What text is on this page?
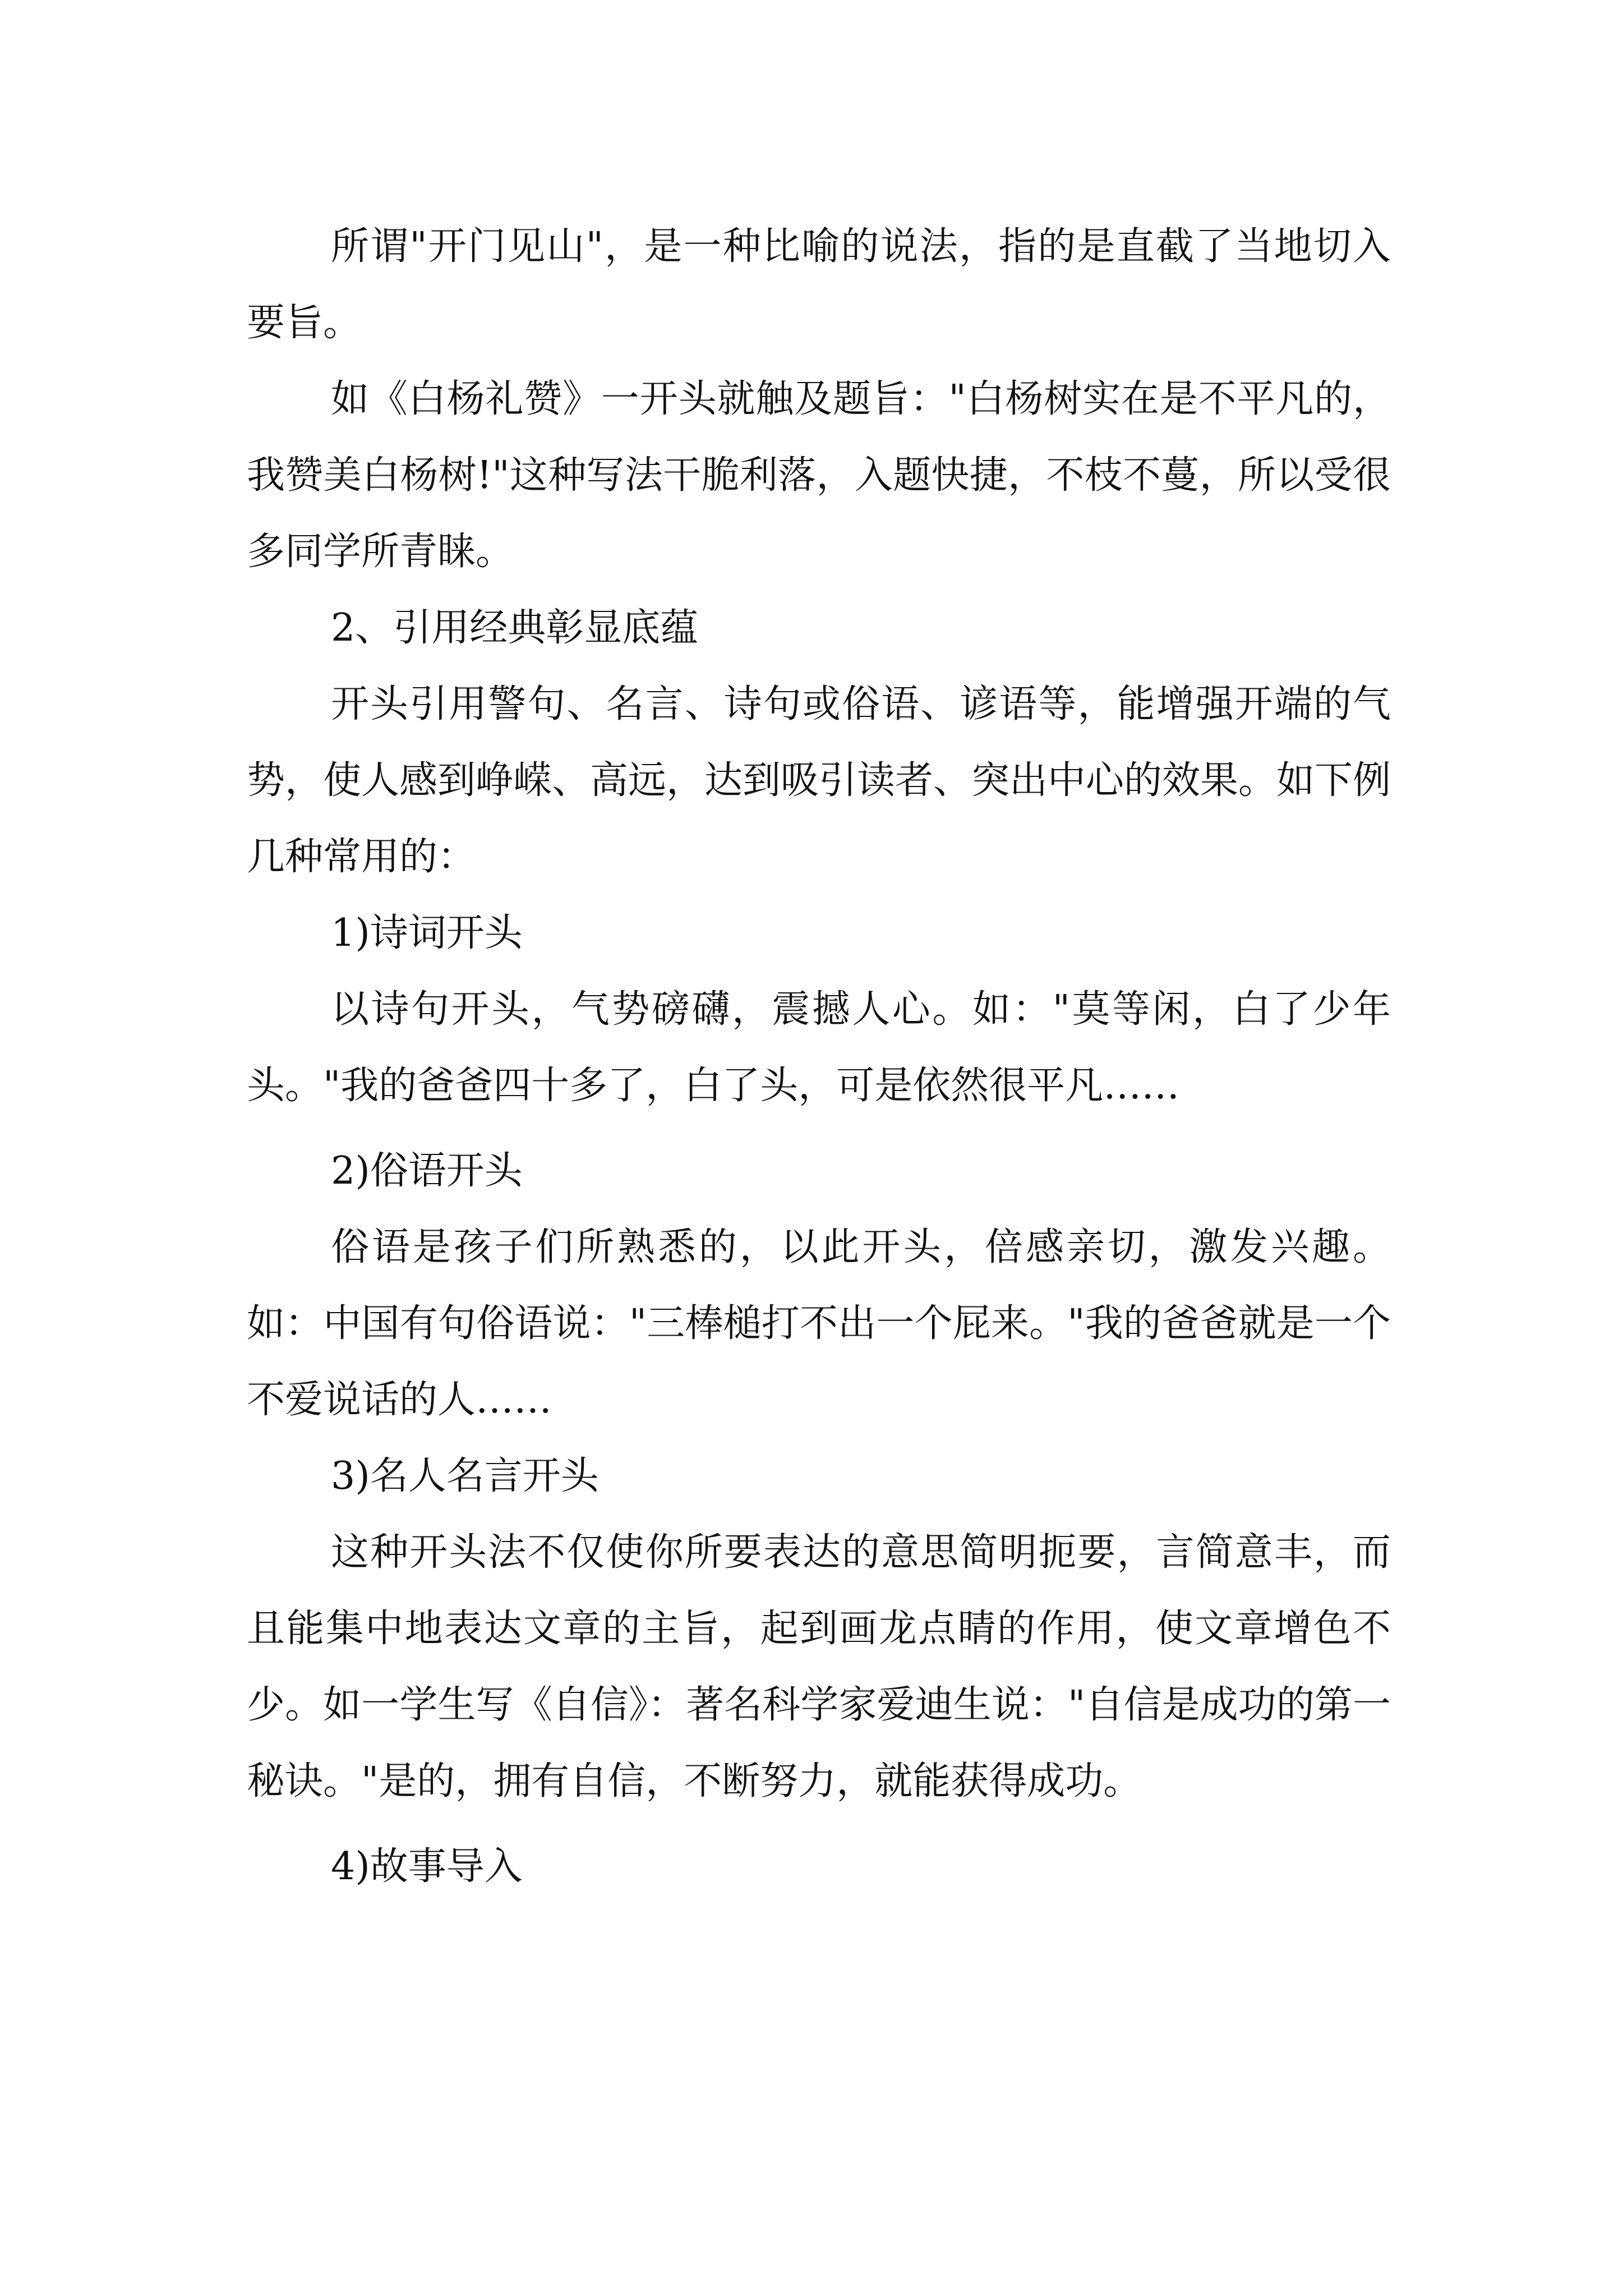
所谓"开门见山"，是一种比喻的说法，指的是直截了当地切入要旨。

如《白杨礼赞》一开头就触及题旨："白杨树实在是不平凡的，我赞美白杨树!"这种写法干脆利落，入题快捷，不枝不蔓，所以受很多同学所青睐。

2、引用经典彰显底蕴

开头引用警句、名言、诗句或俗语、谚语等，能增强开端的气势，使人感到峥嵘、高远，达到吸引读者、突出中心的效果。如下例几种常用的：

1)诗词开头

以诗句开头，气势磅礴，震撼人心。如："莫等闲，白了少年头。"我的爸爸四十多了，白了头，可是依然很平凡……

2)俗语开头

俗语是孩子们所熟悉的，以此开头，倍感亲切，激发兴趣。如：中国有句俗语说："三棒槌打不出一个屁来。"我的爸爸就是一个不爱说话的人……

3)名人名言开头

这种开头法不仅使你所要表达的意思简明扼要，言简意丰，而且能集中地表达文章的主旨，起到画龙点睛的作用，使文章增色不少。如一学生写《自信》：著名科学家爱迪生说："自信是成功的第一秘诀。"是的，拥有自信，不断努力，就能获得成功。

4)故事导入
